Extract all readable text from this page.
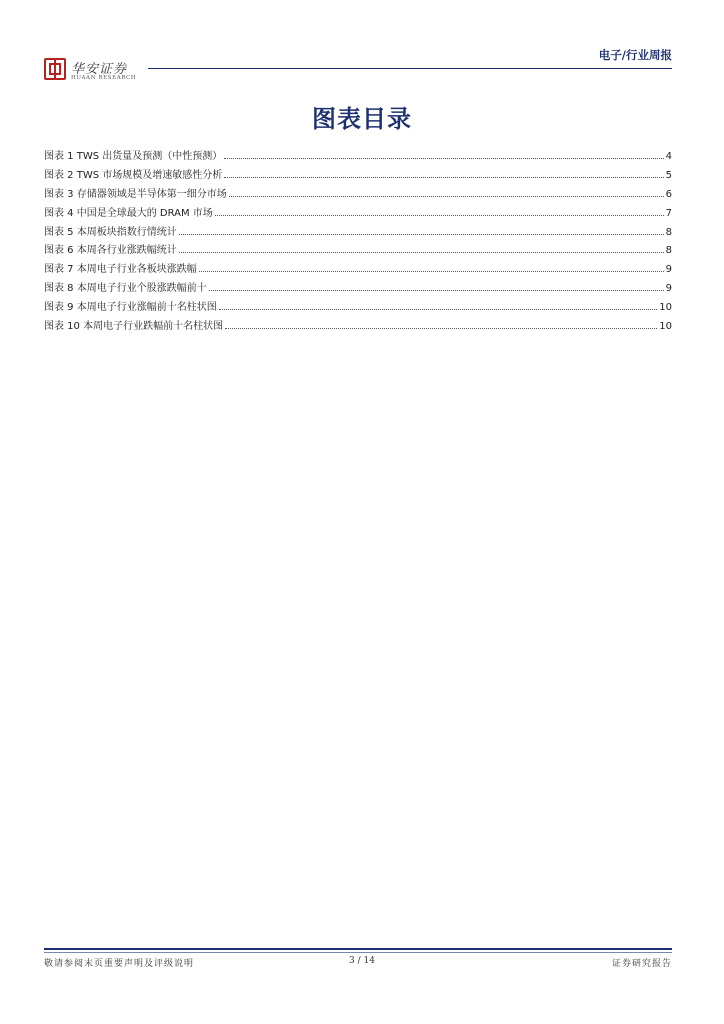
华安证券
HUAAN RESEARCH
电子/行业周报
图表目录
图表 1 TWS 出货量及预测（中性预测）	4
图表 2 TWS 市场规模及增速敏感性分析	5
图表 3 存储器领域是半导体第一细分市场	6
图表 4 中国是全球最大的 DRAM 市场	7
图表 5 本周板块指数行情统计	8
图表 6 本周各行业涨跌幅统计	8
图表 7 本周电子行业各板块涨跌幅	9
图表 8 本周电子行业个股涨跌幅前十	9
图表 9 本周电子行业涨幅前十名柱状图	10
图表 10 本周电子行业跌幅前十名柱状图	10
敬请参阅末页重要声明及评级说明	3 / 14	证券研究报告
